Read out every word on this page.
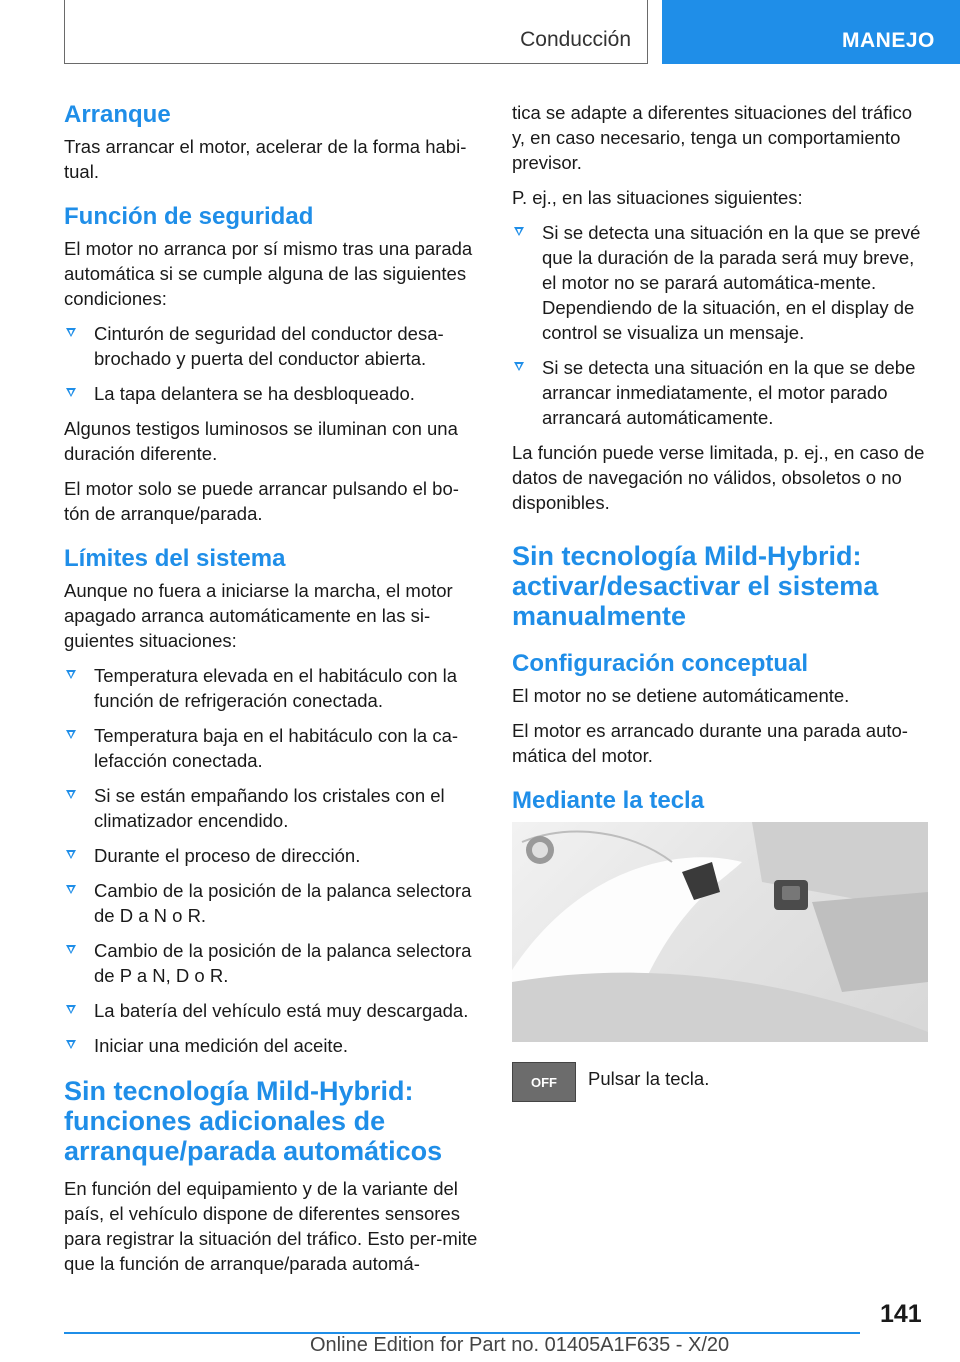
Conducción	MANEJO
Arranque

Tras arrancar el motor, acelerar de la forma habi-tual.

Función de seguridad

El motor no arranca por sí mismo tras una parada automática si se cumple alguna de las siguientes condiciones:

Cinturón de seguridad del conductor desa-brochado y puerta del conductor abierta.
La tapa delantera se ha desbloqueado.

Algunos testigos luminosos se iluminan con una duración diferente.

El motor solo se puede arrancar pulsando el bo-tón de arranque/parada.

Límites del sistema

Aunque no fuera a iniciarse la marcha, el motor apagado arranca automáticamente en las si-guientes situaciones:

Temperatura elevada en el habitáculo con la función de refrigeración conectada.
Temperatura baja en el habitáculo con la ca-lefacción conectada.
Si se están empañando los cristales con el climatizador encendido.
Durante el proceso de dirección.
Cambio de la posición de la palanca selectora de D a N o R.
Cambio de la posición de la palanca selectora de P a N, D o R.
La batería del vehículo está muy descargada.
Iniciar una medición del aceite.
Sin tecnología Mild-Hybrid: funciones adicionales de arranque/parada automáticos

En función del equipamiento y de la variante del país, el vehículo dispone de diferentes sensores para registrar la situación del tráfico. Esto per-mite que la función de arranque/parada automá-

tica se adapte a diferentes situaciones del tráfico y, en caso necesario, tenga un comportamiento previsor.

P. ej., en las situaciones siguientes:

Si se detecta una situación en la que se prevé que la duración de la parada será muy breve, el motor no se parará automática-mente. Dependiendo de la situación, en el display de control se visualiza un mensaje.
Si se detecta una situación en la que se debe arrancar inmediatamente, el motor parado arrancará automáticamente.

La función puede verse limitada, p. ej., en caso de datos de navegación no válidos, obsoletos o no disponibles.

Sin tecnología Mild-Hybrid: activar/desactivar el sistema manualmente
Configuración conceptual

El motor no se detiene automáticamente.

El motor es arrancado durante una parada auto-mática del motor.

Mediante la tecla
OFF Pulsar la tecla.
141
Online Edition for Part no. 01405A1F635 - X/20
